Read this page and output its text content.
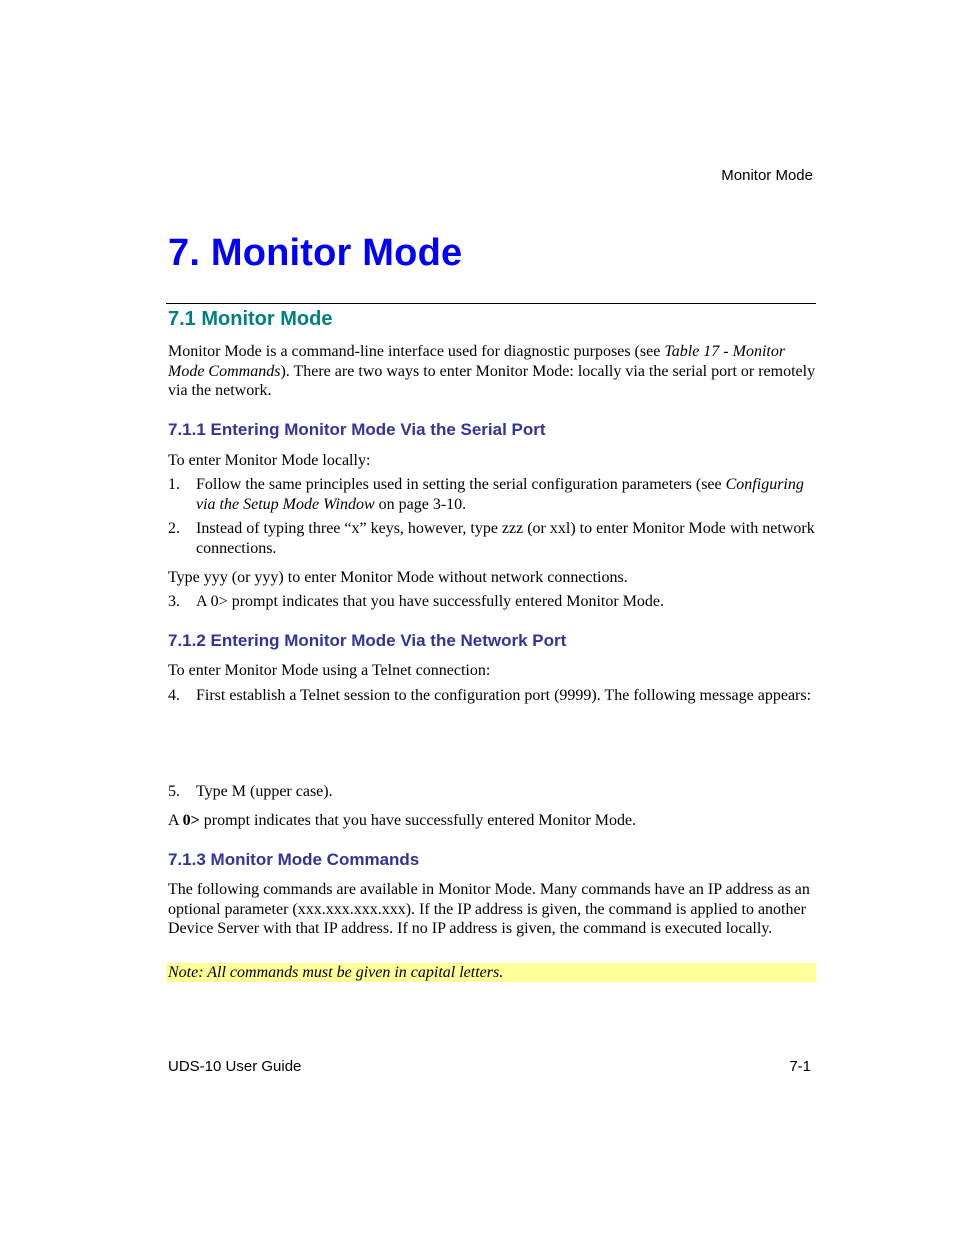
Monitor Mode
7. Monitor Mode
7.1 Monitor Mode
Monitor Mode is a command-line interface used for diagnostic purposes (see Table 17 - Monitor Mode Commands). There are two ways to enter Monitor Mode: locally via the serial port or remotely via the network.
7.1.1 Entering Monitor Mode Via the Serial Port
To enter Monitor Mode locally:
1. Follow the same principles used in setting the serial configuration parameters (see Configuring via the Setup Mode Window on page 3-10.
2. Instead of typing three “x” keys, however, type zzz (or xxl) to enter Monitor Mode with network connections.
Type yyy (or yyy) to enter Monitor Mode without network connections.
3. A 0> prompt indicates that you have successfully entered Monitor Mode.
7.1.2 Entering Monitor Mode Via the Network Port
To enter Monitor Mode using a Telnet connection:
4. First establish a Telnet session to the configuration port (9999). The following message appears:
5. Type M (upper case).
A 0> prompt indicates that you have successfully entered Monitor Mode.
7.1.3 Monitor Mode Commands
The following commands are available in Monitor Mode. Many commands have an IP address as an optional parameter (xxx.xxx.xxx.xxx). If the IP address is given, the command is applied to another Device Server with that IP address. If no IP address is given, the command is executed locally.
Note: All commands must be given in capital letters.
UDS-10 User Guide	7-1
